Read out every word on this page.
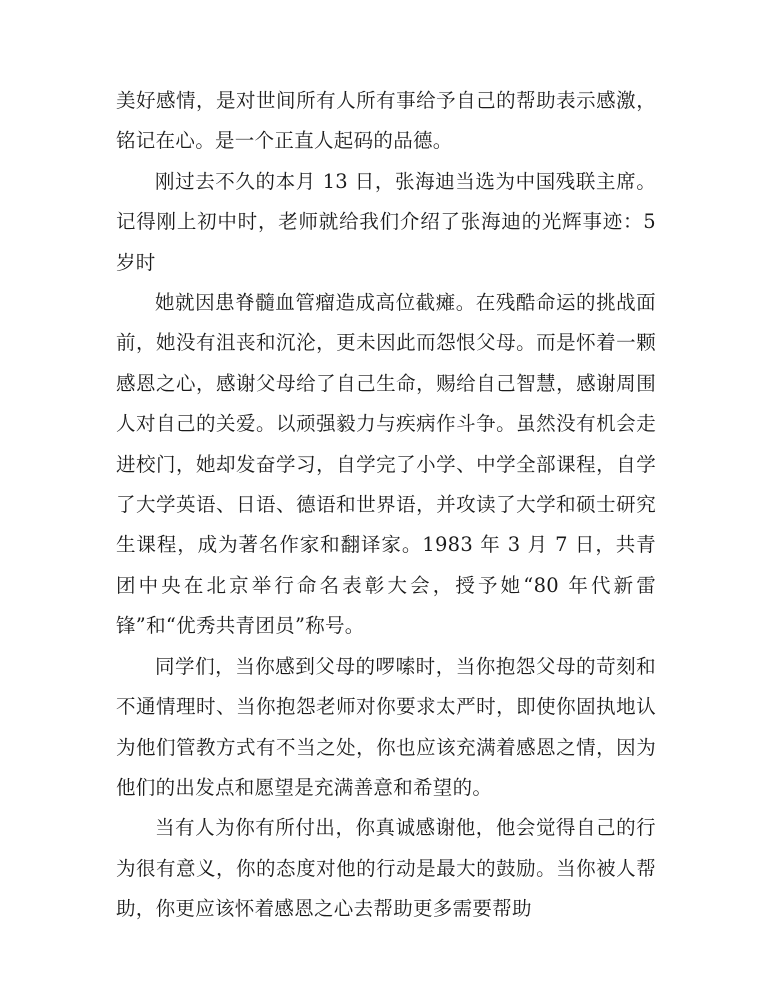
美好感情，是对世间所有人所有事给予自己的帮助表示感激，铭记在心。是一个正直人起码的品德。

刚过去不久的本月 13 日，张海迪当选为中国残联主席。记得刚上初中时，老师就给我们介绍了张海迪的光辉事迹：5 岁时

她就因患脊髓血管瘤造成高位截瘫。在残酷命运的挑战面前，她没有沮丧和沉沦，更未因此而怨恨父母。而是怀着一颗感恩之心，感谢父母给了自己生命，赐给自己智慧，感谢周围人对自己的关爱。以顽强毅力与疾病作斗争。虽然没有机会走进校门，她却发奋学习，自学完了小学、中学全部课程，自学了大学英语、日语、德语和世界语，并攻读了大学和硕士研究生课程，成为著名作家和翻译家。1983 年 3 月 7 日，共青团中央在北京举行命名表彰大会，授予她“80 年代新雷锋”和“优秀共青团员”称号。

同学们，当你感到父母的啰嗦时，当你抱怨父母的苛刻和不通情理时、当你抱怨老师对你要求太严时，即使你固执地认为他们管教方式有不当之处，你也应该充满着感恩之情，因为他们的出发点和愿望是充满善意和希望的。

当有人为你有所付出，你真诚感谢他，他会觉得自己的行为很有意义，你的态度对他的行动是最大的鼓励。当你被人帮助，你更应该怀着感恩之心去帮助更多需要帮助
